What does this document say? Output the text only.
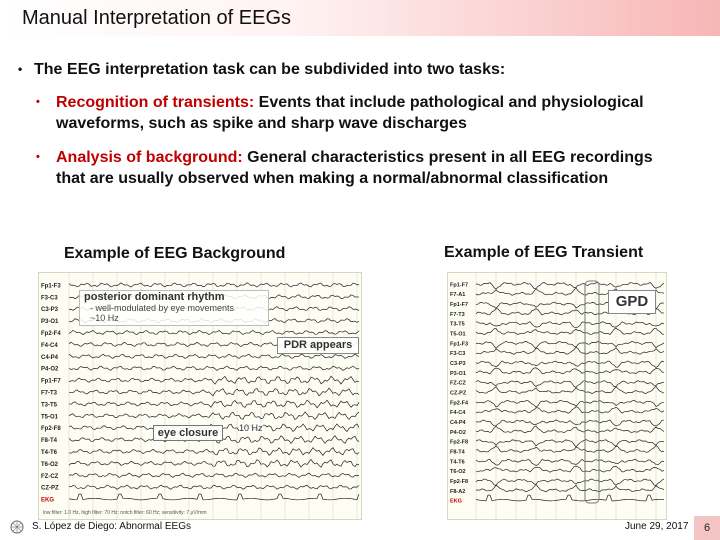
Manual Interpretation of EEGs
• The EEG interpretation task can be subdivided into two tasks:
• Recognition of transients: Events that include pathological and physiological waveforms, such as spike and sharp wave discharges
• Analysis of background: General characteristics present in all EEG recordings that are usually observed when making a normal/abnormal classification
Example of EEG Background	Example of EEG Transient
Fp1-F3
F3-C3
C3-P3
P3-O1
Fp2-F4
F4-C4
C4-P4
P4-O2
Fp1-F7
F7-T3
T3-T5
T5-O1
Fp2-F8
F8-T4
T4-T6
T6-O2
FZ-CZ
CZ-PZ
EKG
posterior dominant rhythm
- well-modulated by eye movements
~10 Hz
PDR appears
10 Hz
eye closure
low filter: 1.0 Hz, high filter: 70 Hz; notch filter: 60 Hz; sensitivity: 7 μV/mm
Fp1-F7
F7-A1
Fp1-F7
F7-T3
T3-T5
T5-O1
Fp1-F3
F3-C3
C3-P3
P3-O1
FZ-CZ
CZ-PZ
Fp2-F4
F4-C4
C4-P4
P4-O2
Fp2-F8
F8-T4
T4-T6
T6-O2
Fp2-F8
F8-A2
EKG
GPD
S. López de Diego: Abnormal EEGs	June 29, 2017	6
